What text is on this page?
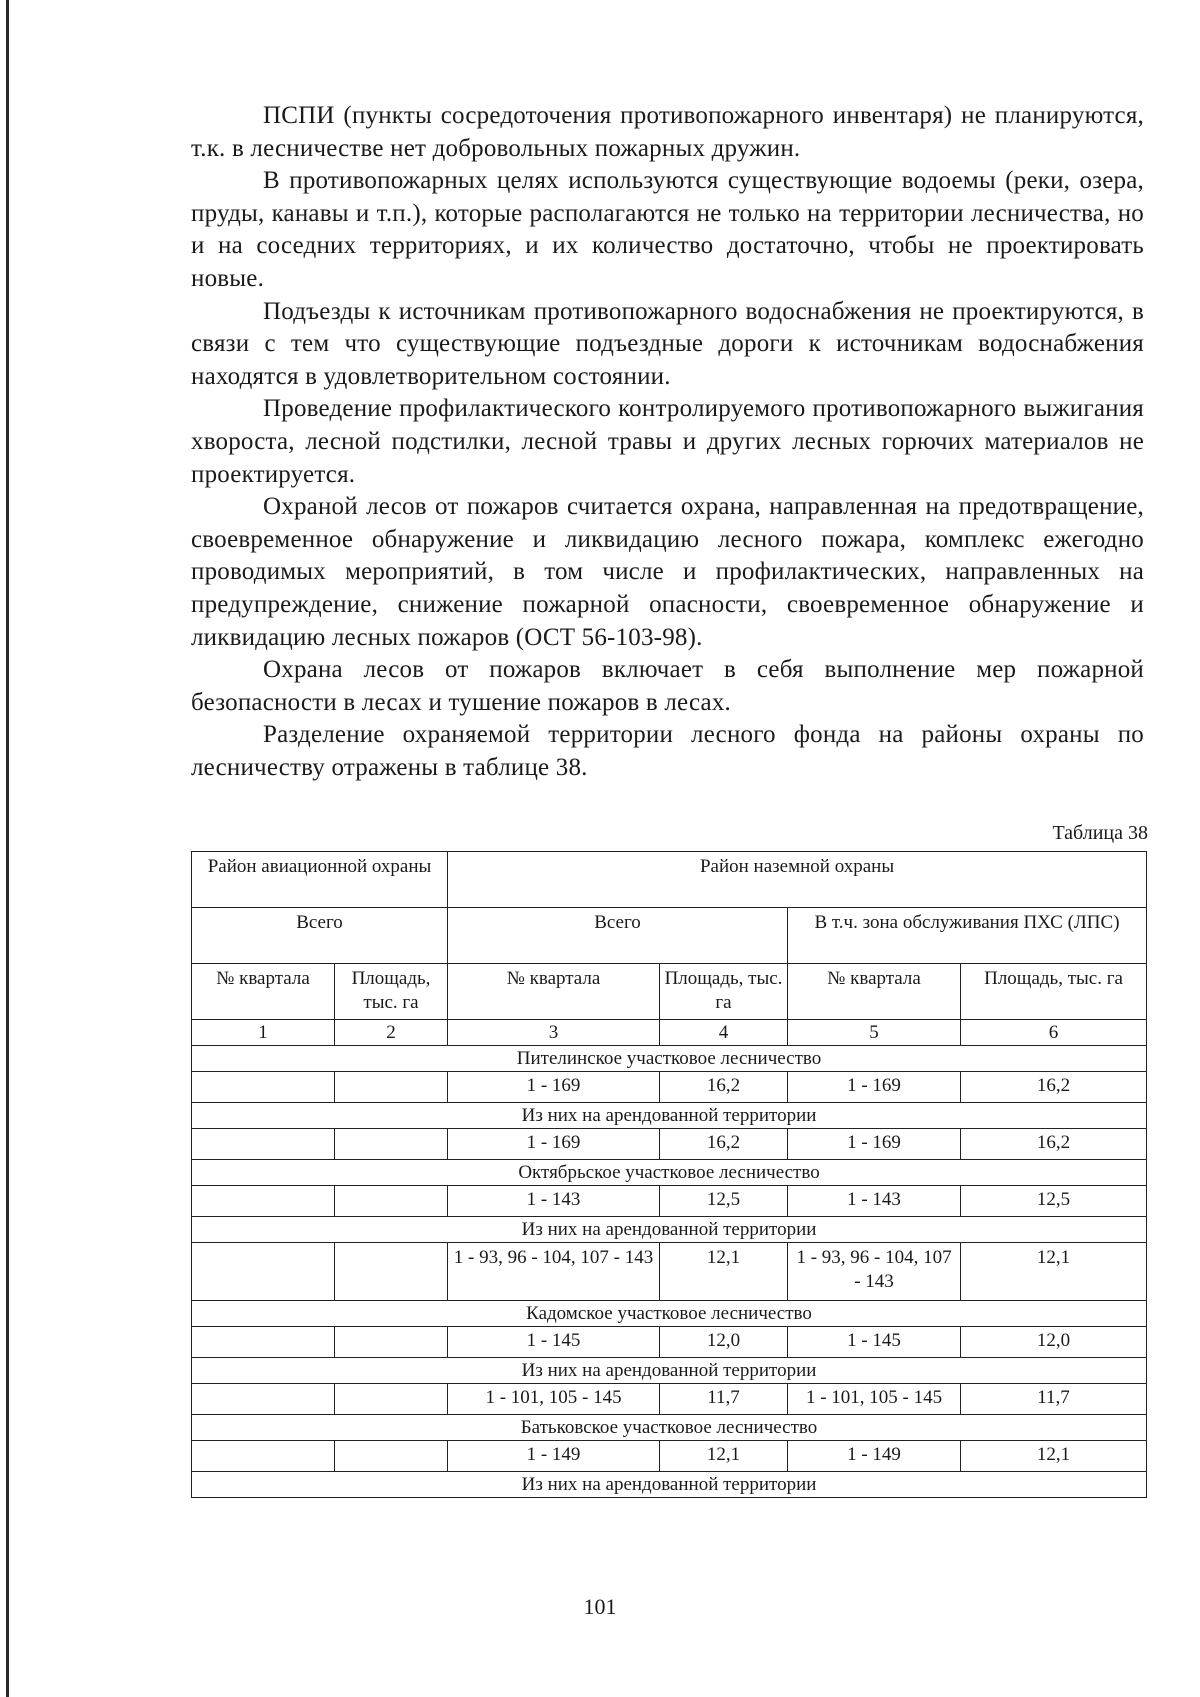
ПСПИ (пункты сосредоточения противопожарного инвентаря) не планируются, т.к. в лесничестве нет добровольных пожарных дружин.

В противопожарных целях используются существующие водоемы (реки, озера, пруды, канавы и т.п.), которые располагаются не только на территории лесничества, но и на соседних территориях, и их количество достаточно, чтобы не проектировать новые.

Подъезды к источникам противопожарного водоснабжения не проектируются, в связи с тем что существующие подъездные дороги к источникам водоснабжения находятся в удовлетворительном состоянии.

Проведение профилактического контролируемого противопожарного выжигания хвороста, лесной подстилки, лесной травы и других лесных горючих материалов не проектируется.

Охраной лесов от пожаров считается охрана, направленная на предотвращение, своевременное обнаружение и ликвидацию лесного пожара, комплекс ежегодно проводимых мероприятий, в том числе и профилактических, направленных на предупреждение, снижение пожарной опасности, своевременное обнаружение и ликвидацию лесных пожаров (ОСТ 56-103-98).

Охрана лесов от пожаров включает в себя выполнение мер пожарной безопасности в лесах и тушение пожаров в лесах.

Разделение охраняемой территории лесного фонда на районы охраны по лесничеству отражены в таблице 38.

Таблица 38
Район авиационной охраны		Район наземной охраны			
Всего		Всего		В т.ч. зона обслуживания ПХС (ЛПС)	
№ квартала	Площадь, тыс. га	№ квартала	Площадь, тыс. га	№ квартала	Площадь, тыс. га
1	2	3	4	5	6
Пителинское участковое лесничество					
		1 - 169	16,2	1 - 169	16,2
Из них на арендованной территории					
		1 - 169	16,2	1 - 169	16,2
Октябрьское участковое лесничество					
		1 - 143	12,5	1 - 143	12,5
Из них на арендованной территории					
		1 - 93, 96 - 104, 107 - 143	12,1	1 - 93, 96 - 104, 107 - 143	12,1
Кадомское участковое лесничество					
		1 - 145	12,0	1 - 145	12,0
Из них на арендованной территории					
		1 - 101, 105 - 145	11,7	1 - 101, 105 - 145	11,7
Батьковское участковое лесничество					
		1 - 149	12,1	1 - 149	12,1
Из них на арендованной территории					
101
